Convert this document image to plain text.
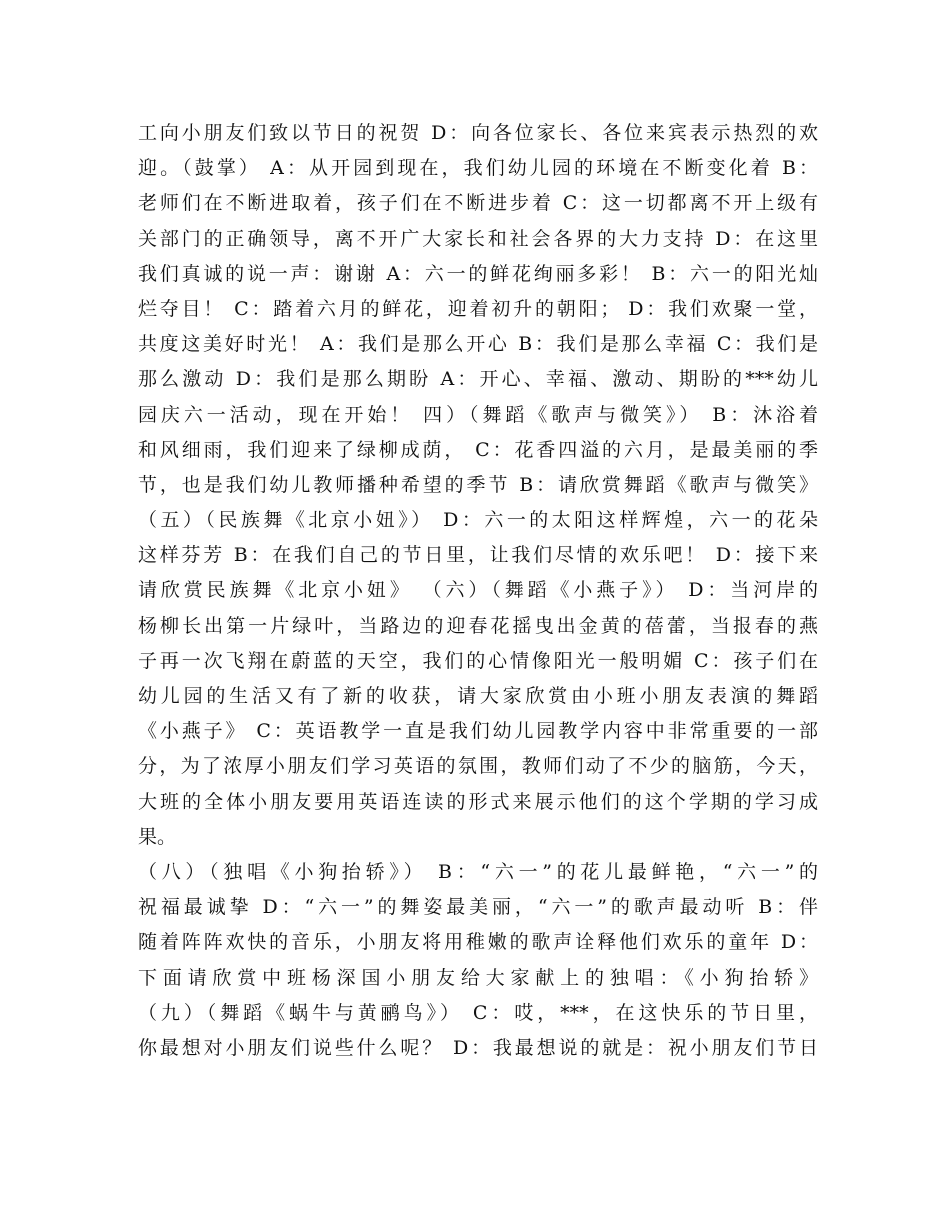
工向小朋友们致以节日的祝贺 D：向各位家长、各位来宾表示热烈的欢
迎。（鼓掌） A：从开园到现在，我们幼儿园的环境在不断变化着 B：
老师们在不断进取着，孩子们在不断进步着 C：这一切都离不开上级有
关部门的正确领导，离不开广大家长和社会各界的大力支持 D：在这里
我们真诚的说一声：谢谢 A：六一的鲜花绚丽多彩！ B：六一的阳光灿
烂夺目！ C：踏着六月的鲜花，迎着初升的朝阳； D：我们欢聚一堂，
共度这美好时光！ A：我们是那么开心 B：我们是那么幸福 C：我们是
那么激动 D：我们是那么期盼 A：开心、幸福、激动、期盼的***幼儿
园庆六一活动，现在开始！ 四）（舞蹈《歌声与微笑》） B：沐浴着
和风细雨，我们迎来了绿柳成荫， C：花香四溢的六月，是最美丽的季
节，也是我们幼儿教师播种希望的季节 B：请欣赏舞蹈《歌声与微笑》
（五）（民族舞《北京小妞》） D：六一的太阳这样辉煌，六一的花朵
这样芬芳 B：在我们自己的节日里，让我们尽情的欢乐吧！ D：接下来
请欣赏民族舞《北京小妞》 （六）（舞蹈《小燕子》） D：当河岸的
杨柳长出第一片绿叶，当路边的迎春花摇曳出金黄的蓓蕾，当报春的燕
子再一次飞翔在蔚蓝的天空，我们的心情像阳光一般明媚 C：孩子们在
幼儿园的生活又有了新的收获，请大家欣赏由小班小朋友表演的舞蹈
《小燕子》 C：英语教学一直是我们幼儿园教学内容中非常重要的一部
分，为了浓厚小朋友们学习英语的氛围，教师们动了不少的脑筋，今天，
大班的全体小朋友要用英语连读的形式来展示他们的这个学期的学习成
果。
（八）（独唱《小狗抬轿》） B：“六一”的花儿最鲜艳，“六一”的
祝福最诚挚 D：“六一”的舞姿最美丽，“六一”的歌声最动听 B：伴
随着阵阵欢快的音乐，小朋友将用稚嫩的歌声诠释他们欢乐的童年 D：
下面请欣赏中班杨深国小朋友给大家献上的独唱：《小狗抬轿》
（九）（舞蹈《蜗牛与黄鹂鸟》） C：哎，***，在这快乐的节日里，
你最想对小朋友们说些什么呢？ D：我最想说的就是：祝小朋友们节日
